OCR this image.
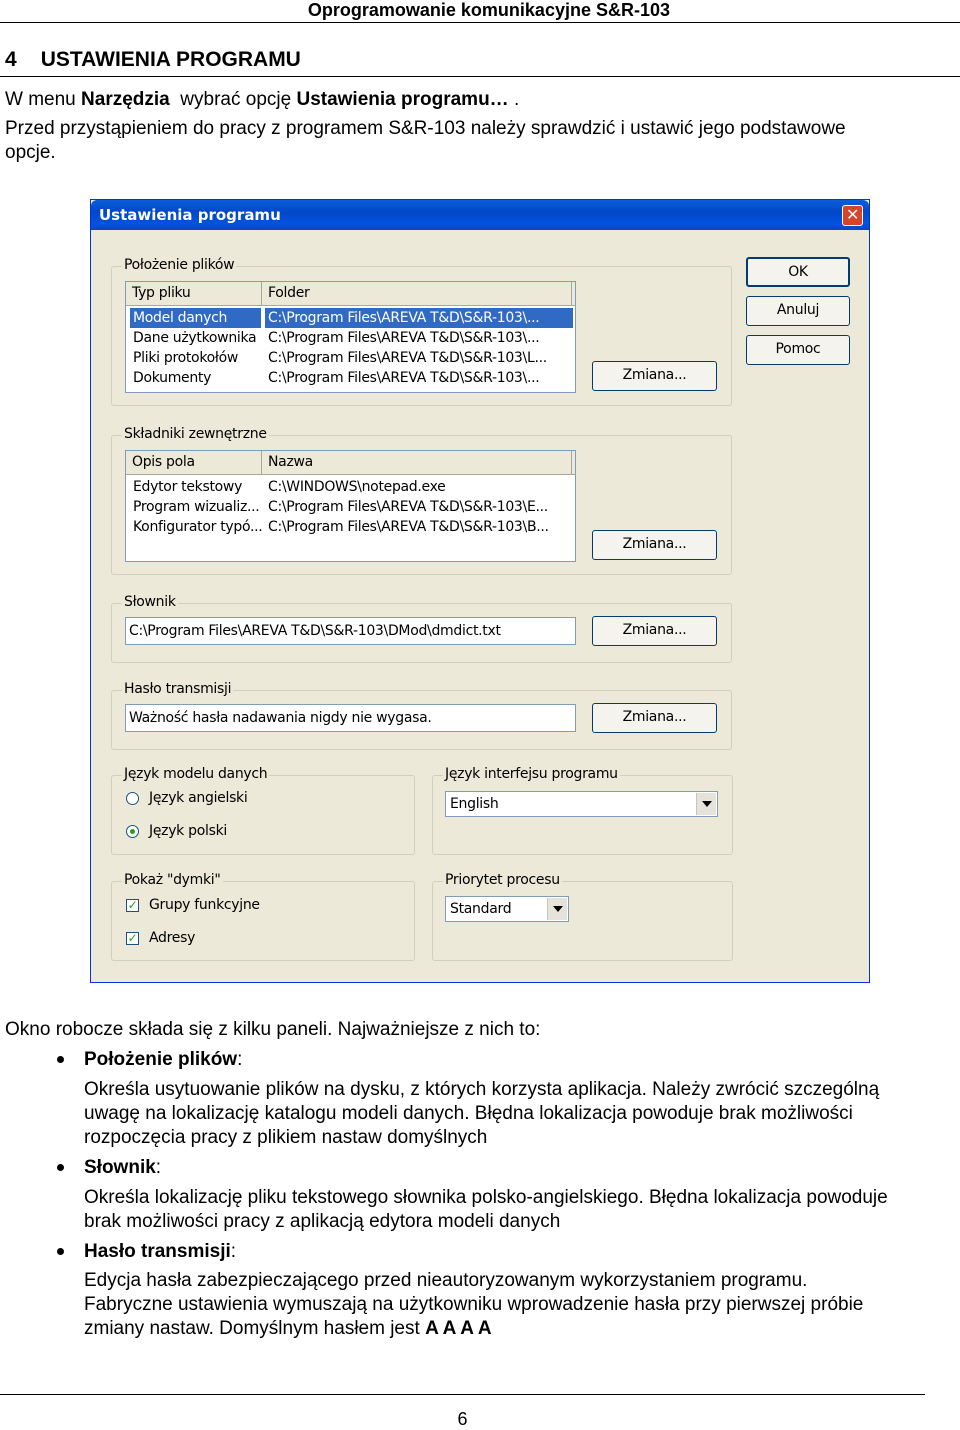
Oprogramowanie komunikacyjne S&R-103
4 USTAWIENIA PROGRAMU
W menu Narzędzia  wybrać opcję Ustawienia programu… .
Przed przystąpieniem do pracy z programem S&R-103 należy sprawdzić i ustawić jego podstawowe
opcje.
Ustawienia programu	✕
OK
Anuluj
Pomoc
Położenie plików
Typ pliku	Folder
Model danych	C:\Program Files\AREVA T&D\S&R-103\...
Dane użytkownika C:\Program Files\AREVA T&D\S&R-103\...
Pliki protokołów C:\Program Files\AREVA T&D\S&R-103\L...
Dokumenty	C:\Program Files\AREVA T&D\S&R-103\...	Zmiana...
Składniki zewnętrzne
Opis pola	Nazwa
Edytor tekstowy C:\WINDOWS\notepad.exe
Program wizualiz... C:\Program Files\AREVA T&D\S&R-103\E...
Konfigurator typó... C:\Program Files\AREVA T&D\S&R-103\B...
Zmiana...
Słownik
C:\Program Files\AREVA T&D\S&R-103\DMod\dmdict.txt	Zmiana...
Hasło transmisji
Ważność hasła nadawania nigdy nie wygasa.	Zmiana...
Język modelu danych
Język angielski
Język polski
Język interfejsu programu
English
Pokaż "dymki"
✓ Grupy funkcyjne
✓ Adresy
Priorytet procesu
Standard
Okno robocze składa się z kilku paneli. Najważniejsze z nich to:
Położenie plików:
Określa usytuowanie plików na dysku, z których korzysta aplikacja. Należy zwrócić szczególną
uwagę na lokalizację katalogu modeli danych. Błędna lokalizacja powoduje brak możliwości
rozpoczęcia pracy z plikiem nastaw domyślnych
Słownik:
Określa lokalizację pliku tekstowego słownika polsko-angielskiego. Błędna lokalizacja powoduje
brak możliwości pracy z aplikacją edytora modeli danych
Hasło transmisji:
Edycja hasła zabezpieczającego przed nieautoryzowanym wykorzystaniem programu.
Fabryczne ustawienia wymuszają na użytkowniku wprowadzenie hasła przy pierwszej próbie
zmiany nastaw. Domyślnym hasłem jest A A A A
6
